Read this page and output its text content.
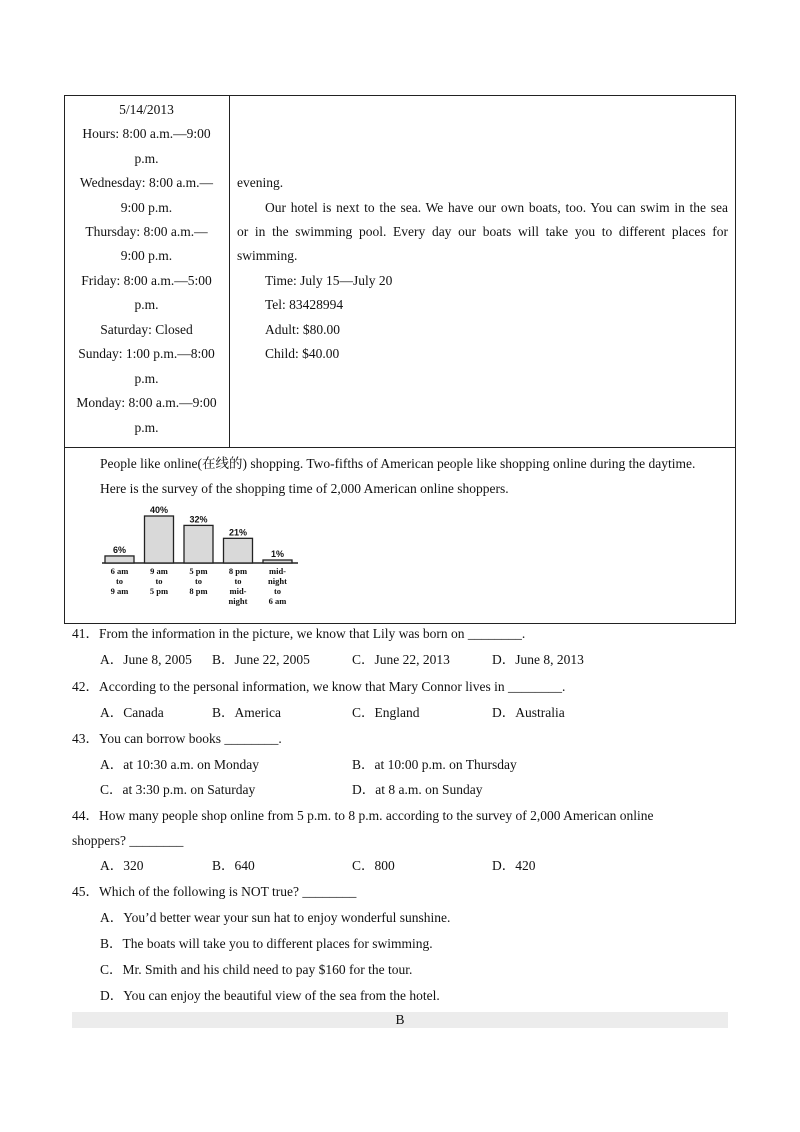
5/14/2013
Hours: 8:00 a.m.—9:00
p.m.
Wednesday: 8:00 a.m.—
9:00 p.m.
Thursday: 8:00 a.m.—
9:00 p.m.
Friday: 8:00 a.m.—5:00
p.m.
Saturday: Closed
Sunday: 1:00 p.m.—8:00
p.m.
Monday: 8:00 a.m.—9:00
p.m.
evening.
Our hotel is next to the sea. We have our own boats, too. You can swim in the sea
or in the swimming pool. Every day our boats will take you to different places for
swimming.
Time: July 15—July 20
Tel: 83428994
Adult: $80.00
Child: $40.00
People like online(在线的) shopping. Two-fifths of American people like shopping online during the daytime.
Here is the survey of the shopping time of 2,000 American online shoppers.
6%
6 am
to
9 am
40%
9 am
to
5 pm
32%
5 pm
to
8 pm
21%
8 pm
to
mid-
night
1%
mid-
night
to
6 am
41．From the information in the picture, we know that Lily was born on ________.
A．June 8, 2005 B．June 22, 2005	C．June 22, 2013	D．June 8, 2013
42．According to the personal information, we know that Mary Connor lives in ________.
A．Canada	B．America	C．England	D．Australia
43．You can borrow books ________.
A．at 10:30 a.m. on Monday	B．at 10:00 p.m. on Thursday
C．at 3:30 p.m. on Saturday	D．at 8 a.m. on Sunday
44．How many people shop online from 5 p.m. to 8 p.m. according to the survey of 2,000 American online
shoppers? ________
A．320	B．640	C．800	D．420
45．Which of the following is NOT true? ________
A．You’d better wear your sun hat to enjoy wonderful sunshine.
B．The boats will take you to different places for swimming.
C．Mr. Smith and his child need to pay $160 for the tour.
D．You can enjoy the beautiful view of the sea from the hotel.
B
